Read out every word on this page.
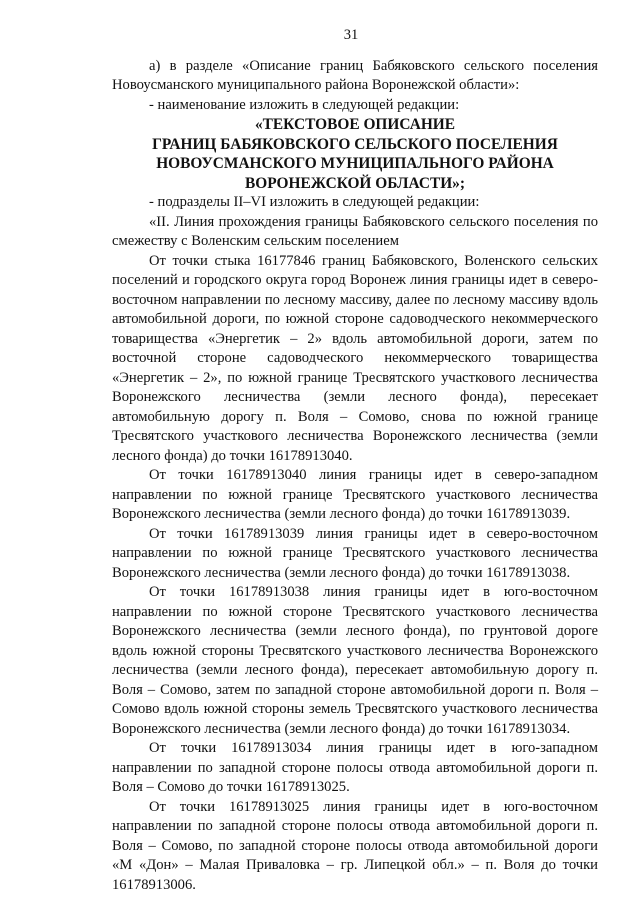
31

а) в разделе «Описание границ Бабяковского сельского поселения Новоусманского муниципального района Воронежской области»:

- наименование изложить в следующей редакции:

«ТЕКСТОВОЕ ОПИСАНИЕ
ГРАНИЦ БАБЯКОВСКОГО СЕЛЬСКОГО ПОСЕЛЕНИЯ
НОВОУСМАНСКОГО МУНИЦИПАЛЬНОГО РАЙОНА
ВОРОНЕЖСКОЙ ОБЛАСТИ»;

- подразделы II–VI изложить в следующей редакции:

«II. Линия прохождения границы Бабяковского сельского поселения по смежеству с Воленским сельским поселением

От точки стыка 16177846 границ Бабяковского, Воленского сельских поселений и городского округа город Воронеж линия границы идет в северо-восточном направлении по лесному массиву, далее по лесному массиву вдоль автомобильной дороги, по южной стороне садоводческого некоммерческого товарищества «Энергетик – 2» вдоль автомобильной дороги, затем по восточной стороне садоводческого некоммерческого товарищества «Энергетик – 2», по южной границе Тресвятского участкового лесничества Воронежского лесничества (земли лесного фонда), пересекает автомобильную дорогу п. Воля – Сомово, снова по южной границе Тресвятского участкового лесничества Воронежского лесничества (земли лесного фонда) до точки 16178913040.

От точки 16178913040 линия границы идет в северо-западном направлении по южной границе Тресвятского участкового лесничества Воронежского лесничества (земли лесного фонда) до точки 16178913039.

От точки 16178913039 линия границы идет в северо-восточном направлении по южной границе Тресвятского участкового лесничества Воронежского лесничества (земли лесного фонда) до точки 16178913038.

От точки 16178913038 линия границы идет в юго-восточном направлении по южной стороне Тресвятского участкового лесничества Воронежского лесничества (земли лесного фонда), по грунтовой дороге вдоль южной стороны Тресвятского участкового лесничества Воронежского лесничества (земли лесного фонда), пересекает автомобильную дорогу п. Воля – Сомово, затем по западной стороне автомобильной дороги п. Воля – Сомово вдоль южной стороны земель Тресвятского участкового лесничества Воронежского лесничества (земли лесного фонда) до точки 16178913034.

От точки 16178913034 линия границы идет в юго-западном направлении по западной стороне полосы отвода автомобильной дороги п. Воля – Сомово до точки 16178913025.

От точки 16178913025 линия границы идет в юго-восточном направлении по западной стороне полосы отвода автомобильной дороги п. Воля – Сомово, по западной стороне полосы отвода автомобильной дороги «М «Дон» – Малая Приваловка – гр. Липецкой обл.» – п. Воля до точки 16178913006.
